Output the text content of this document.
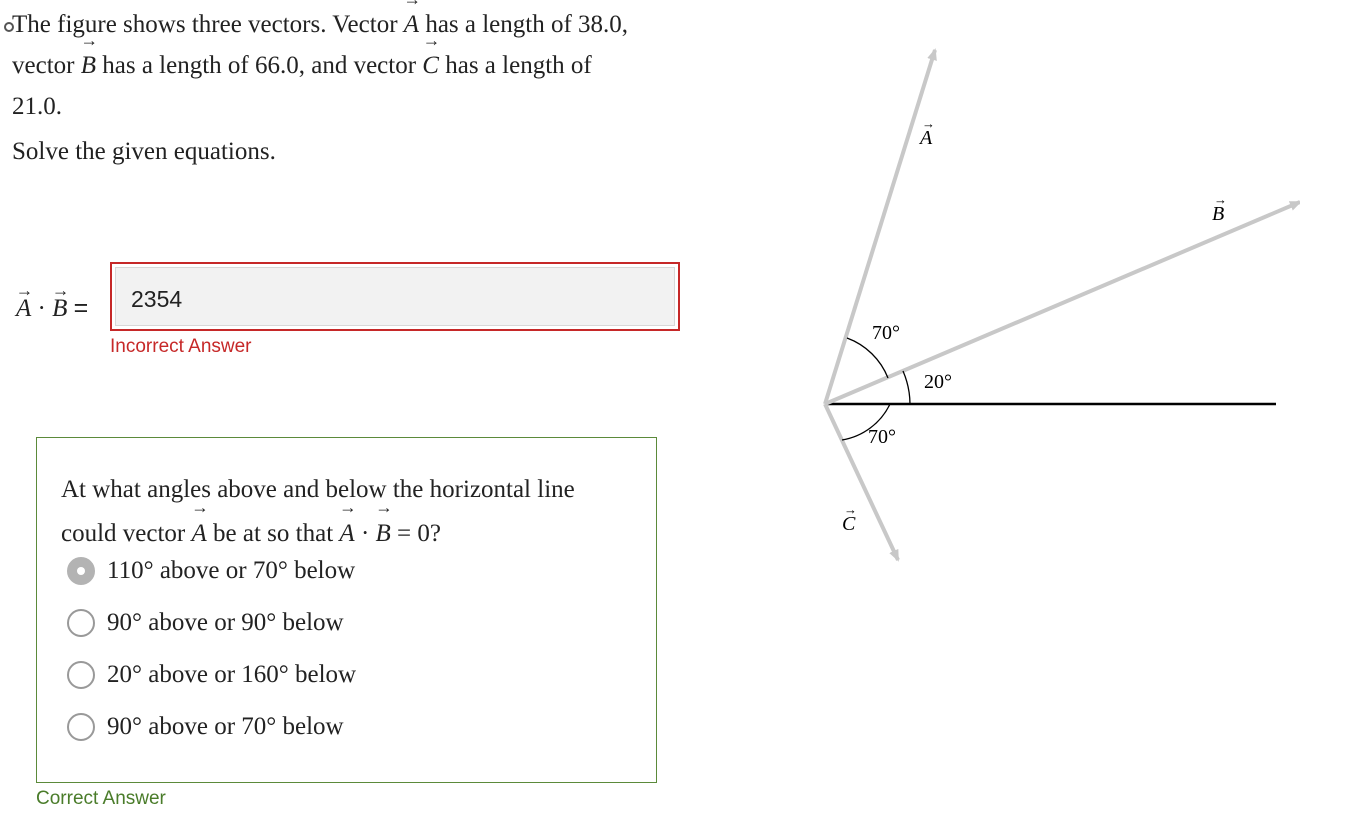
The figure shows three vectors. Vector A → has a length of 38.0,
vector B → has a length of 66.0, and vector C → has a length of
21.0.
Solve the given equations.
A → · B → =	2354
Incorrect Answer
At what angles above and below the horizontal line
could vector A → be at so that A → · B → = 0?
110° above or 70° below
90° above or 90° below
20° above or 160° below
90° above or 70° below
Correct Answer
A
→
B
→
C
→
70°
20°
70°
